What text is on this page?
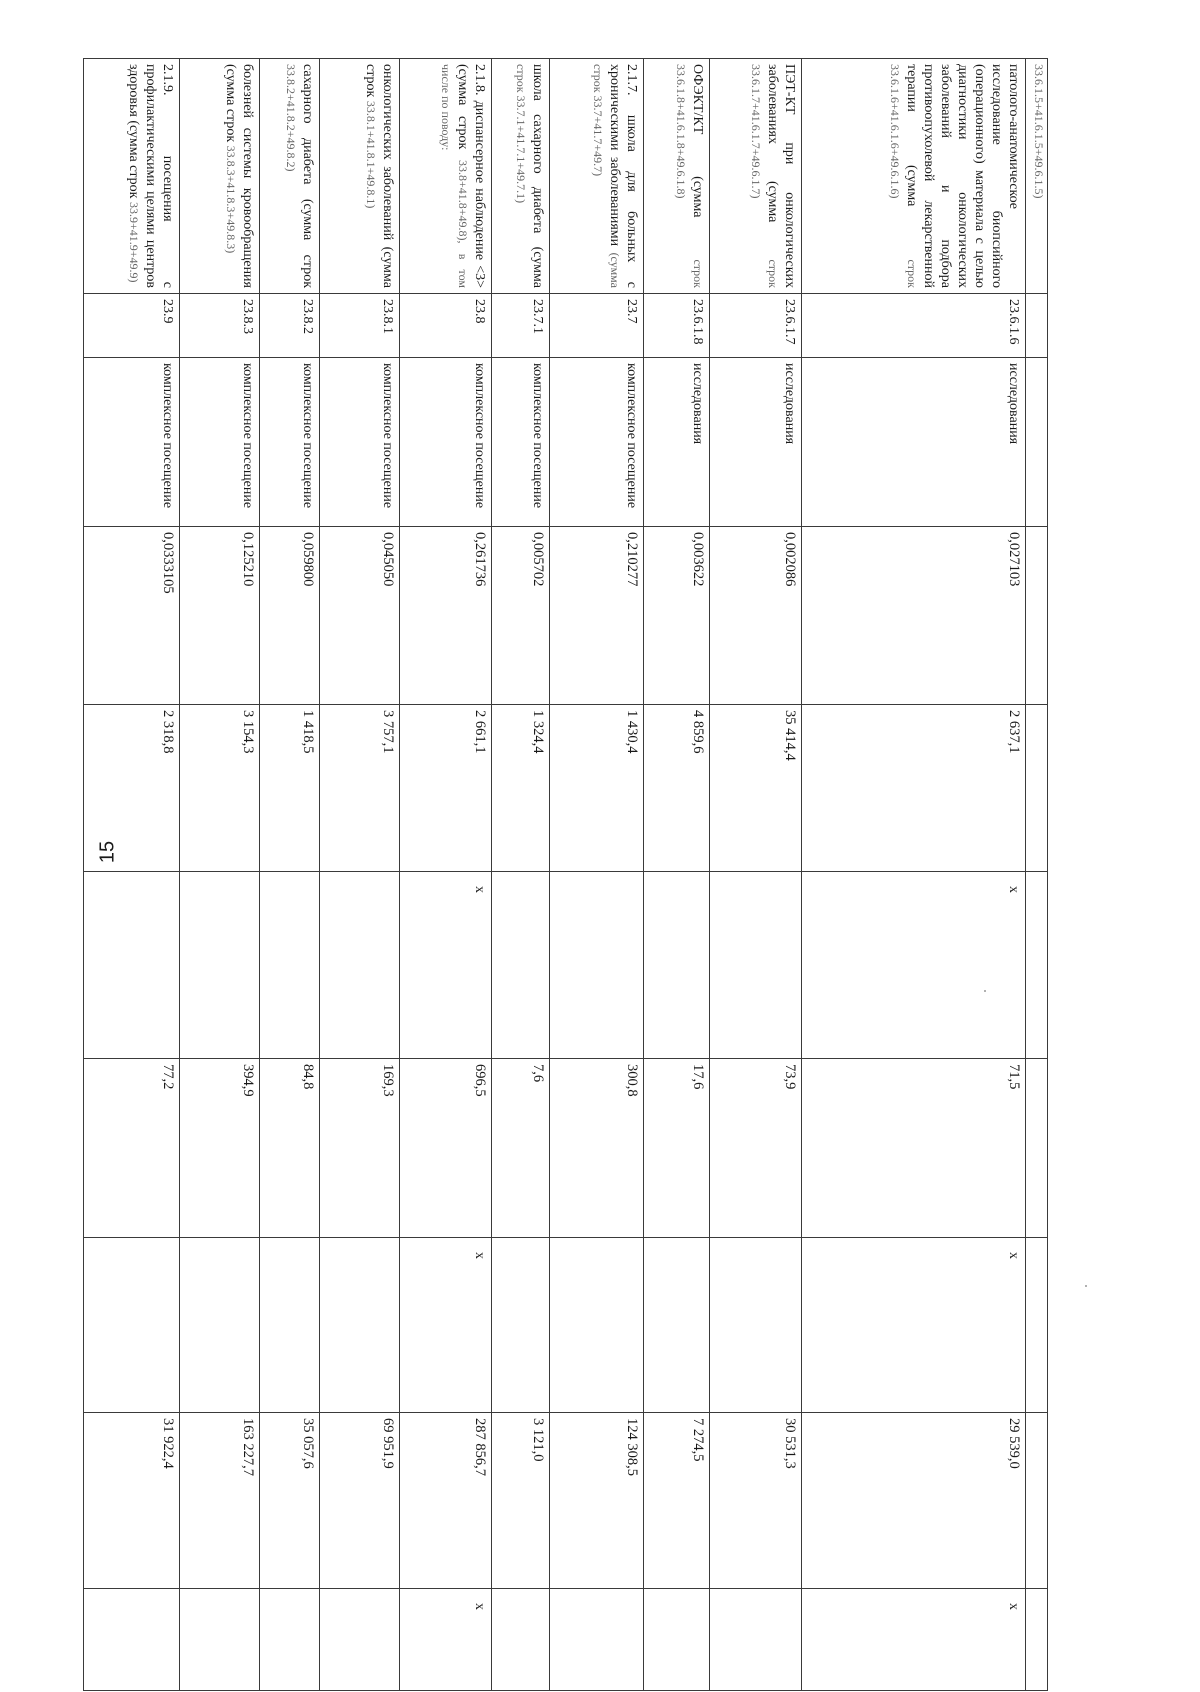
15
33.6.1.5+41.6.1.5+49.6.1.5)									
патолого-анатомическое исследование биопсийного (операционного) материала с целью диагностики онкологических заболеваний и подбора противоопухолевой лекарственной терапии (сумма строк 33.6.1.6+41.6.1.6+49.6.1.6)	23.6.1.6	исследования	0,027103	2 637,1	х	71,5	х	29 539,0	х
ПЭТ-КТ при онкологических заболеваниях (сумма строк 33.6.1.7+41.6.1.7+49.6.1.7)	23.6.1.7	исследования	0,002086	35 414,4		73,9		30 531,3	
ОФЭКТ/КТ (сумма строк 33.6.1.8+41.6.1.8+49.6.1.8)	23.6.1.8	исследования	0,003622	4 859,6		17,6		7 274,5	
2.1.7. школа для больных с хроническими заболеваниями (сумма строк 33.7+41.7+49.7)	23.7	комплексное посещение	0,210277	1 430,4		300,8		124 308,5	
школа сахарного диабета (сумма строк 33.7.1+41.7.1+49.7.1)	23.7.1	комплексное посещение	0,005702	1 324,4		7,6		3 121,0	
2.1.8. диспансерное наблюдение <3> (сумма строк 33.8+41.8+49.8), в том числе по поводу:	23.8	комплексное посещение	0,261736	2 661,1	х	696,5	х	287 856,7	х
онкологических заболеваний (сумма строк 33.8.1+41.8.1+49.8.1)	23.8.1	комплексное посещение	0,045050	3 757,1		169,3		69 951,9	
сахарного диабета (сумма строк 33.8.2+41.8.2+49.8.2)	23.8.2	комплексное посещение	0,059800	1 418,5		84,8		35 057,6	
болезней системы кровообращения (сумма строк 33.8.3+41.8.3+49.8.3)	23.8.3	комплексное посещение	0,125210	3 154,3		394,9		163 227,7	
2.1.9. посещения с профилактическими целями центров здоровья (сумма строк 33.9+41.9+49.9)	23.9	комплексное посещение	0,0333105	2 318,8		77,2		31 922,4	
